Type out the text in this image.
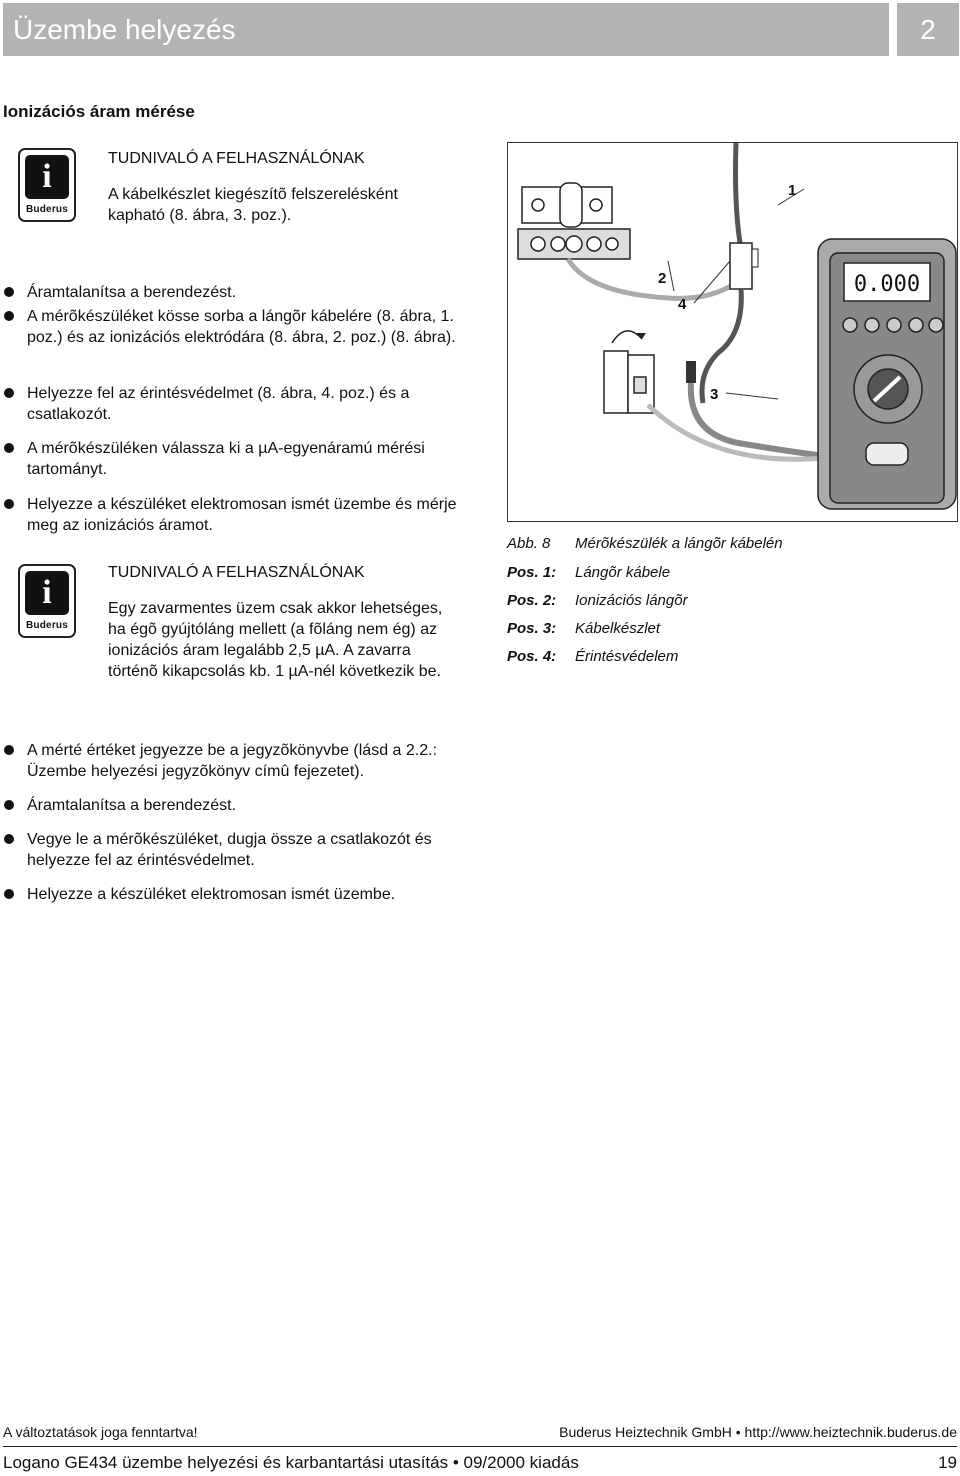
Üzembe helyezés	2
Ionizációs áram mérése
i
Buderus
TUDNIVALÓ A FELHASZNÁLÓNAK
A kábelkészlet kiegészítõ felszerelésként kapható (8. ábra, 3. poz.).
Áramtalanítsa a berendezést.
A mérõkészüléket kösse sorba a lángõr kábelére (8. ábra, 1. poz.) és az ionizációs elektródára (8. ábra, 2. poz.) (8. ábra).
Helyezze fel az érintésvédelmet (8. ábra, 4. poz.) és a csatlakozót.
A mérõkészüléken válassza ki a µA-egyenáramú mérési tartományt.
Helyezze a készüléket elektromosan ismét üzembe és mérje meg az ionizációs áramot.
i
Buderus
TUDNIVALÓ A FELHASZNÁLÓNAK
Egy zavarmentes üzem csak akkor lehetséges, ha égõ gyújtóláng mellett (a fõláng nem ég) az ionizációs áram legalább 2,5 µA. A zavarra történõ kikapcsolás kb. 1 µA-nél következik be.
A mérté értéket jegyezze be a jegyzõkönyvbe (lásd a 2.2.: Üzembe helyezési jegyzõkönyv címû fejezetet).
Áramtalanítsa a berendezést.
Vegye le a mérõkészüléket, dugja össze a csatlakozót és helyezze fel az érintésvédelmet.
Helyezze a készüléket elektromosan ismét üzembe.
0.000
1
2
4
3
Abb. 8	Mérõkészülék a lángõr kábelén
Pos. 1:	Lángõr kábele
Pos. 2:	Ionizációs lángõr
Pos. 3:	Kábelkészlet
Pos. 4:	Érintésvédelem
A változtatások joga fenntartva!	Buderus Heiztechnik GmbH • http://www.heiztechnik.buderus.de
Logano GE434 üzembe helyezési és karbantartási utasítás • 09/2000 kiadás	19
